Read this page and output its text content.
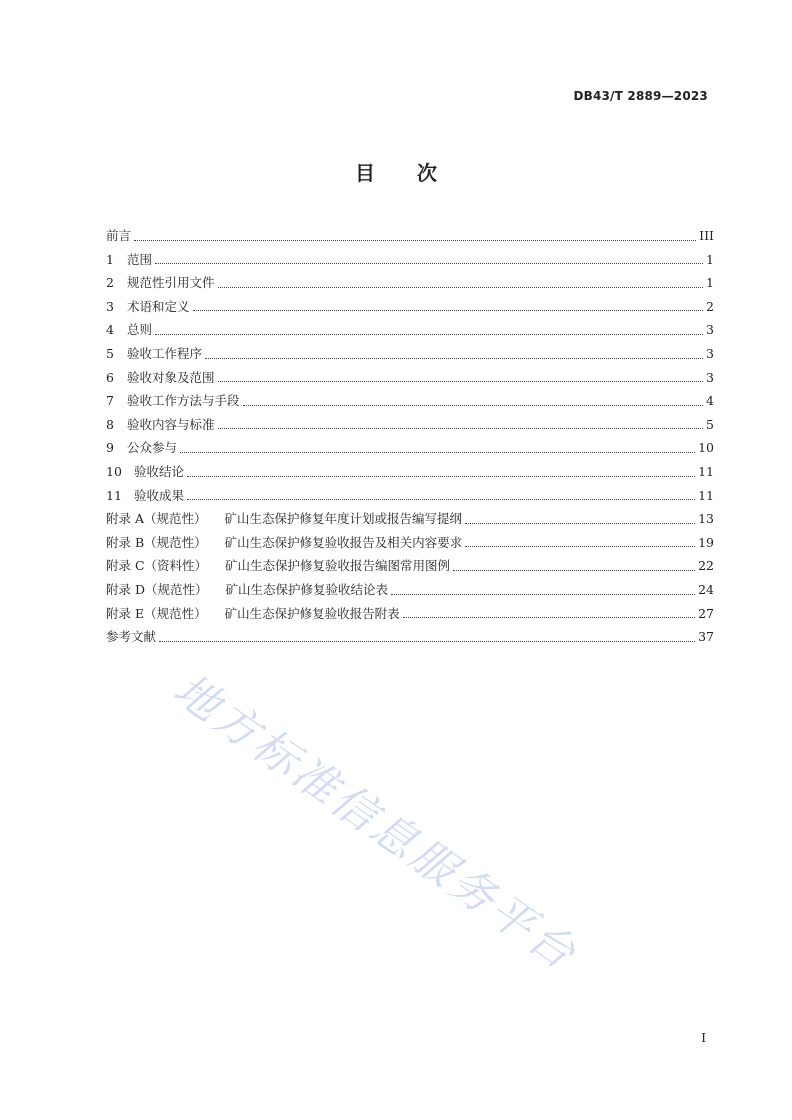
DB43/T 2889—2023
目 次
前言	III
1	范围	1
2	规范性引用文件	1
3	术语和定义	2
4	总则	3
5	验收工作程序	3
6	验收对象及范围	3
7	验收工作方法与手段	4
8	验收内容与标准	5
9	公众参与	10
10 验收结论	11
11 验收成果	11
附录 A（规范性） 矿山生态保护修复年度计划或报告编写提纲	13
附录 B（规范性） 矿山生态保护修复验收报告及相关内容要求	19
附录 C（资料性） 矿山生态保护修复验收报告编图常用图例	22
附录 D（规范性） 矿山生态保护修复验收结论表	24
附录 E（规范性） 矿山生态保护修复验收报告附表	27
参考文献	37
地方标准信息服务平台
I
